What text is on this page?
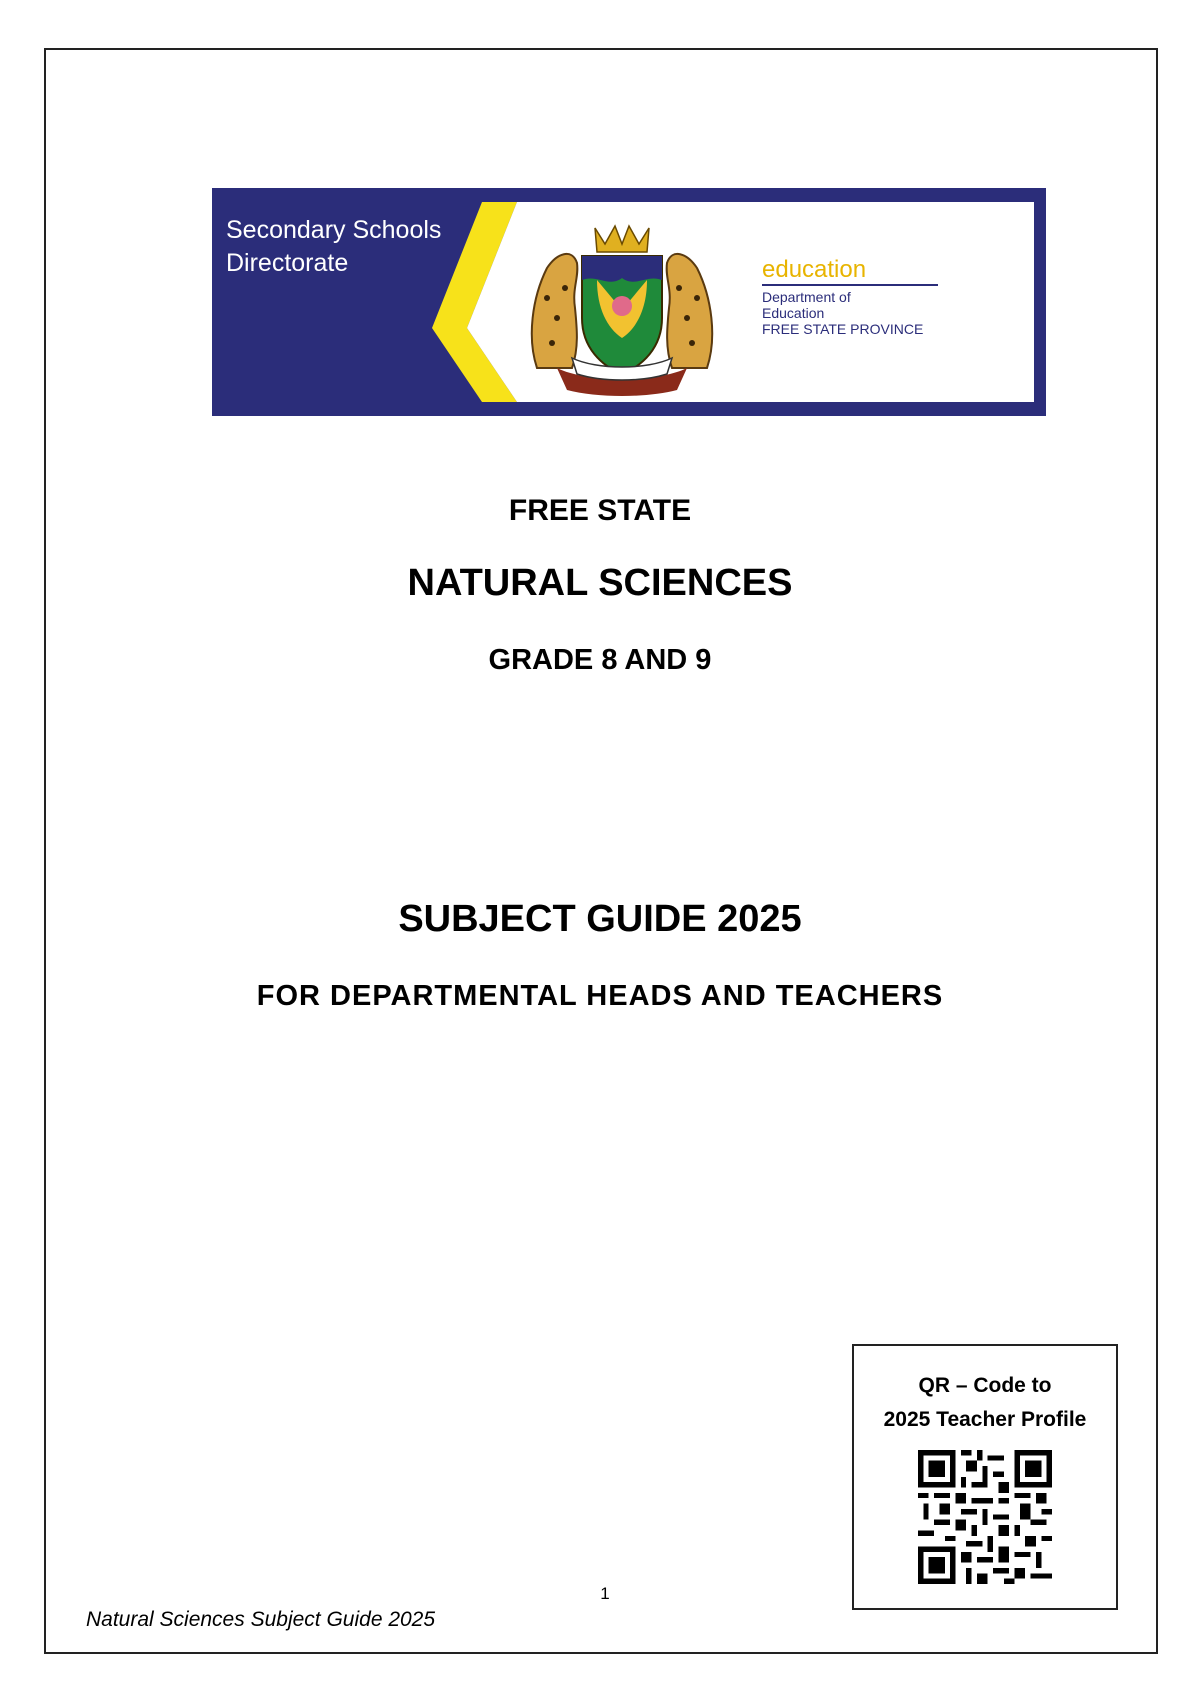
Secondary Schools
Directorate	education
Department of
Education
FREE STATE PROVINCE
FREE STATE
NATURAL SCIENCES
GRADE 8 AND 9
SUBJECT GUIDE 2025
FOR DEPARTMENTAL HEADS AND TEACHERS
QR – Code to
2025 Teacher Profile
1
Natural Sciences Subject Guide 2025
